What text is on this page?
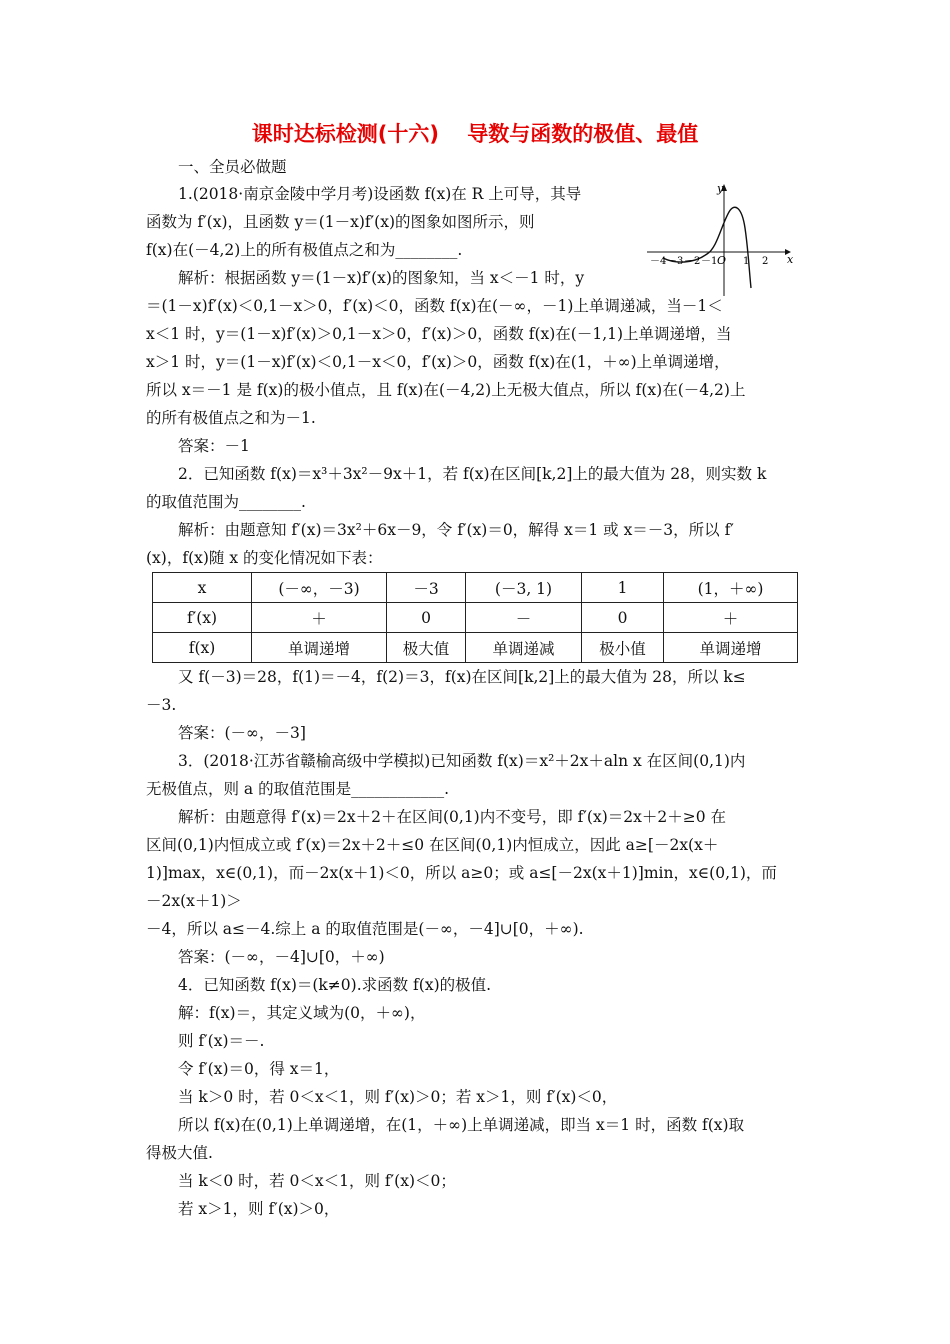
课时达标检测(十六)　 导数与函数的极值、最值
一、全员必做题
1.(2018·南京金陵中学月考)设函数 f(x)在 R 上可导，其导
函数为 f′(x)，且函数 y＝(1－x)f′(x)的图象如图所示，则
f(x)在(－4,2)上的所有极值点之和为________.
解析：根据函数 y＝(1－x)f′(x)的图象知，当 x＜－1 时，y
＝(1－x)f′(x)＜0,1－x＞0，f′(x)＜0，函数 f(x)在(－∞，－1)上单调递减，当－1＜
x＜1 时，y＝(1－x)f′(x)＞0,1－x＞0，f′(x)＞0，函数 f(x)在(－1,1)上单调递增，当
x＞1 时，y＝(1－x)f′(x)＜0,1－x＜0，f′(x)＞0，函数 f(x)在(1，＋∞)上单调递增，
所以 x＝－1 是 f(x)的极小值点，且 f(x)在(－4,2)上无极大值点，所以 f(x)在(－4,2)上
的所有极值点之和为－1.
答案：－1
2．已知函数 f(x)＝x³＋3x²－9x＋1，若 f(x)在区间[k,2]上的最大值为 28，则实数 k
的取值范围为________.
解析：由题意知 f′(x)＝3x²＋6x－9，令 f′(x)＝0，解得 x＝1 或 x＝－3，所以 f′
(x)，f(x)随 x 的变化情况如下表：
x	(－∞，－3)	－3	(－3, 1)	1	(1，＋∞)
f′(x)	＋	0	－	0	＋
f(x)	单调递增	极大值	单调递减	极小值	单调递增
又 f(－3)＝28，f(1)＝－4，f(2)＝3，f(x)在区间[k,2]上的最大值为 28，所以 k≤
－3.
答案：(－∞，－3]
3．(2018·江苏省赣榆高级中学模拟)已知函数 f(x)＝x²＋2x＋aln x 在区间(0,1)内
无极值点，则 a 的取值范围是____________.
解析：由题意得 f′(x)＝2x＋2＋在区间(0,1)内不变号，即 f′(x)＝2x＋2＋≥0 在
区间(0,1)内恒成立或 f′(x)＝2x＋2＋≤0 在区间(0,1)内恒成立，因此 a≥[－2x(x＋
1)]max，x∈(0,1)，而－2x(x＋1)＜0，所以 a≥0；或 a≤[－2x(x＋1)]min，x∈(0,1)，而
－2x(x＋1)＞
－4，所以 a≤－4.综上 a 的取值范围是(－∞，－4]∪[0，＋∞).
答案：(－∞，－4]∪[0，＋∞)
4．已知函数 f(x)＝(k≠0).求函数 f(x)的极值.
解：f(x)＝，其定义域为(0，＋∞)，
则 f′(x)＝－.
令 f′(x)＝0，得 x＝1，
当 k＞0 时，若 0＜x＜1，则 f′(x)＞0；若 x＞1，则 f′(x)＜0，
所以 f(x)在(0,1)上单调递增，在(1，＋∞)上单调递减，即当 x＝1 时，函数 f(x)取
得极大值.
当 k＜0 时，若 0＜x＜1，则 f′(x)＜0；
若 x＞1，则 f′(x)＞0，
y
x
O
－4 －3 －2 －1	1 2
